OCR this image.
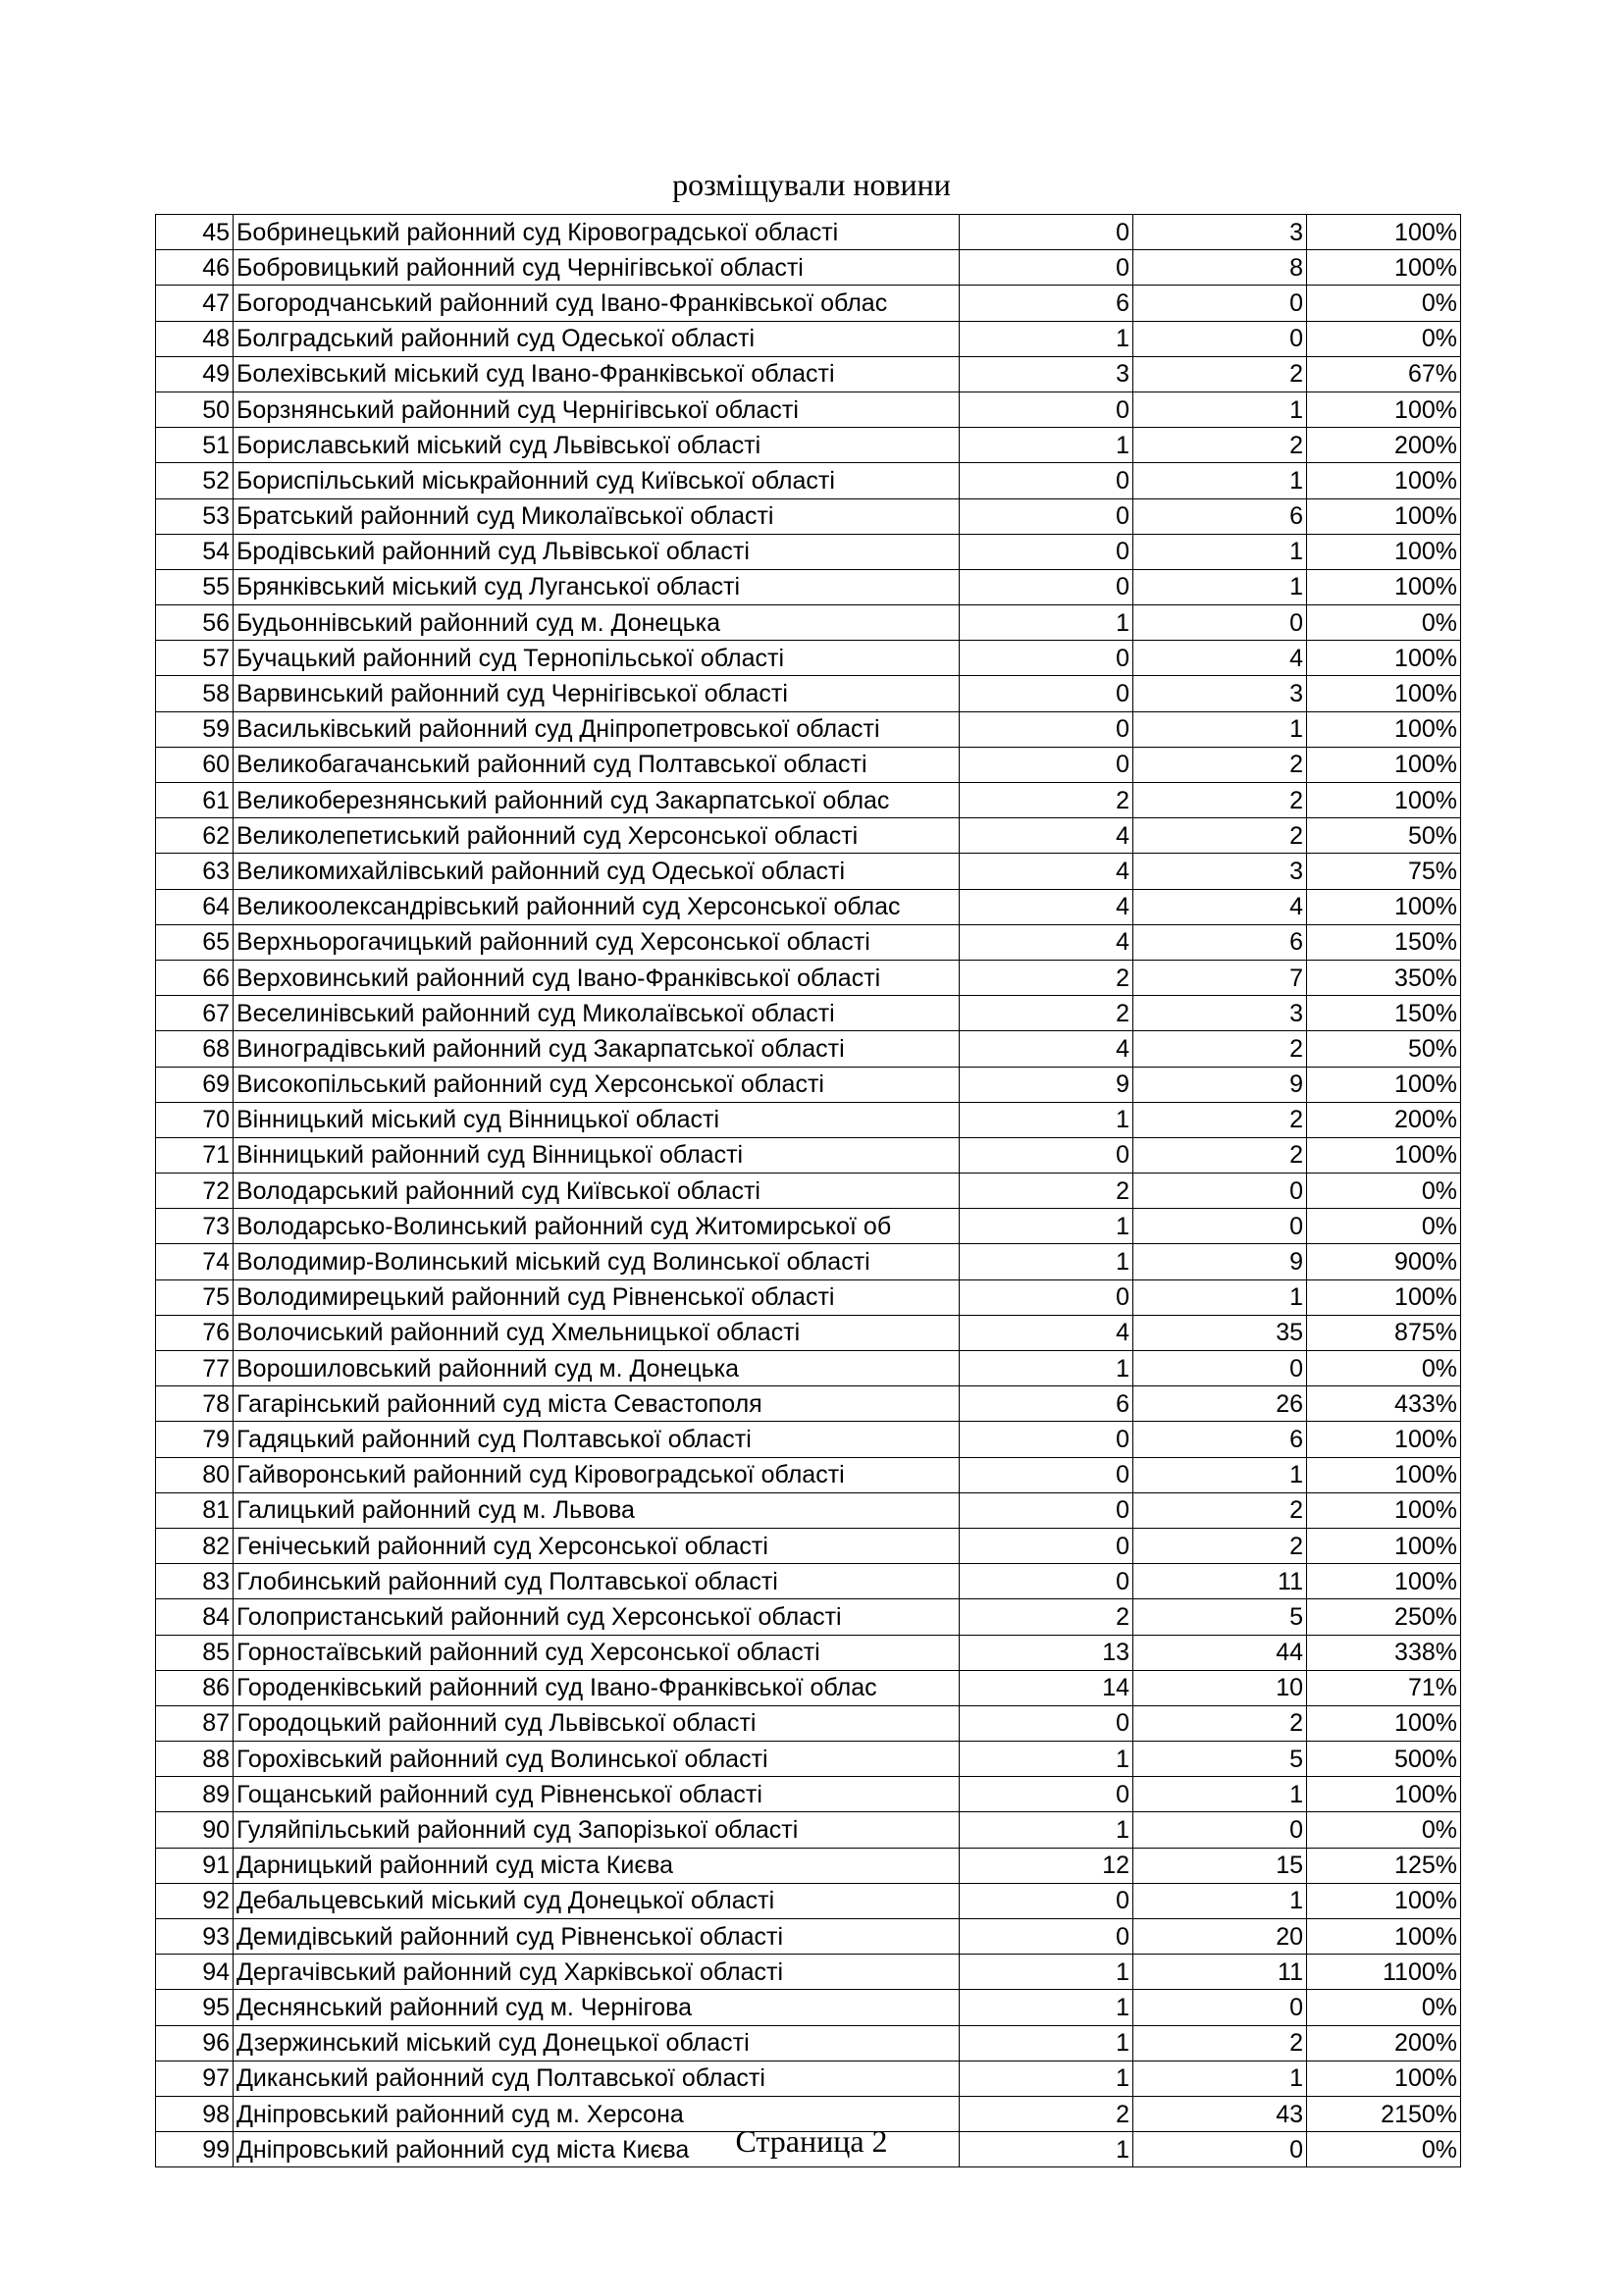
розміщували новини
45	Бобринецький районний суд Кіровоградської області	0	3	100%
46	Бобровицький районний суд Чернігівської області	0	8	100%
47	Богородчанський районний суд Івано-Франківської облас	6	0	0%
48	Болградський районний суд Одеської області	1	0	0%
49	Болехівський міський суд Івано-Франківської області	3	2	67%
50	Борзнянський районний суд Чернігівської області	0	1	100%
51	Бориславський міський суд Львівської області	1	2	200%
52	Бориспільський міськрайонний суд Київської області	0	1	100%
53	Братський районний суд Миколаївської області	0	6	100%
54	Бродівський районний суд Львівської області	0	1	100%
55	Брянківський міський суд Луганської області	0	1	100%
56	Будьоннівський районний суд м. Донецька	1	0	0%
57	Бучацький районний суд Тернопільської області	0	4	100%
58	Варвинський районний суд Чернігівської області	0	3	100%
59	Васильківський районний суд Дніпропетровської області	0	1	100%
60	Великобагачанський районний суд Полтавської області	0	2	100%
61	Великоберезнянський районний суд Закарпатської облас	2	2	100%
62	Великолепетиський районний суд Херсонської області	4	2	50%
63	Великомихайлівський районний суд Одеської області	4	3	75%
64	Великоолександрівський районний суд Херсонської облас	4	4	100%
65	Верхньорогачицький районний суд Херсонської області	4	6	150%
66	Верховинський районний суд Івано-Франківської області	2	7	350%
67	Веселинівський районний суд Миколаївської області	2	3	150%
68	Виноградівський районний суд Закарпатської області	4	2	50%
69	Високопільський районний суд Херсонської області	9	9	100%
70	Вінницький міський суд Вінницької області	1	2	200%
71	Вінницький районний суд Вінницької області	0	2	100%
72	Володарський районний суд Київської області	2	0	0%
73	Володарсько-Волинський районний суд Житомирської об	1	0	0%
74	Володимир-Волинський міський суд Волинської області	1	9	900%
75	Володимирецький районний суд Рівненської області	0	1	100%
76	Волочиський районний суд Хмельницької області	4	35	875%
77	Ворошиловський районний суд м. Донецька	1	0	0%
78	Гагарінський районний суд міста Севастополя	6	26	433%
79	Гадяцький районний суд Полтавської області	0	6	100%
80	Гайворонський районний суд Кіровоградської області	0	1	100%
81	Галицький районний суд м. Львова	0	2	100%
82	Генічеський районний суд Херсонської області	0	2	100%
83	Глобинський районний суд Полтавської області	0	11	100%
84	Голопристанський районний суд Херсонської області	2	5	250%
85	Горностаївський районний суд Херсонської області	13	44	338%
86	Городенківський районний суд Івано-Франківської облас	14	10	71%
87	Городоцький районний суд Львівської області	0	2	100%
88	Горохівський районний суд Волинської області	1	5	500%
89	Гощанський районний суд Рівненської області	0	1	100%
90	Гуляйпільський районний суд Запорізької області	1	0	0%
91	Дарницький районний суд міста Києва	12	15	125%
92	Дебальцевський міський суд Донецької області	0	1	100%
93	Демидівський районний суд Рівненської області	0	20	100%
94	Дергачівський районний суд Харківської області	1	11	1100%
95	Деснянський районний суд м. Чернігова	1	0	0%
96	Дзержинський міський суд Донецької області	1	2	200%
97	Диканський районний суд Полтавської області	1	1	100%
98	Дніпровський районний суд м. Херсона	2	43	2150%
99	Дніпровський районний суд міста Києва	1	0	0%
Страница 2
